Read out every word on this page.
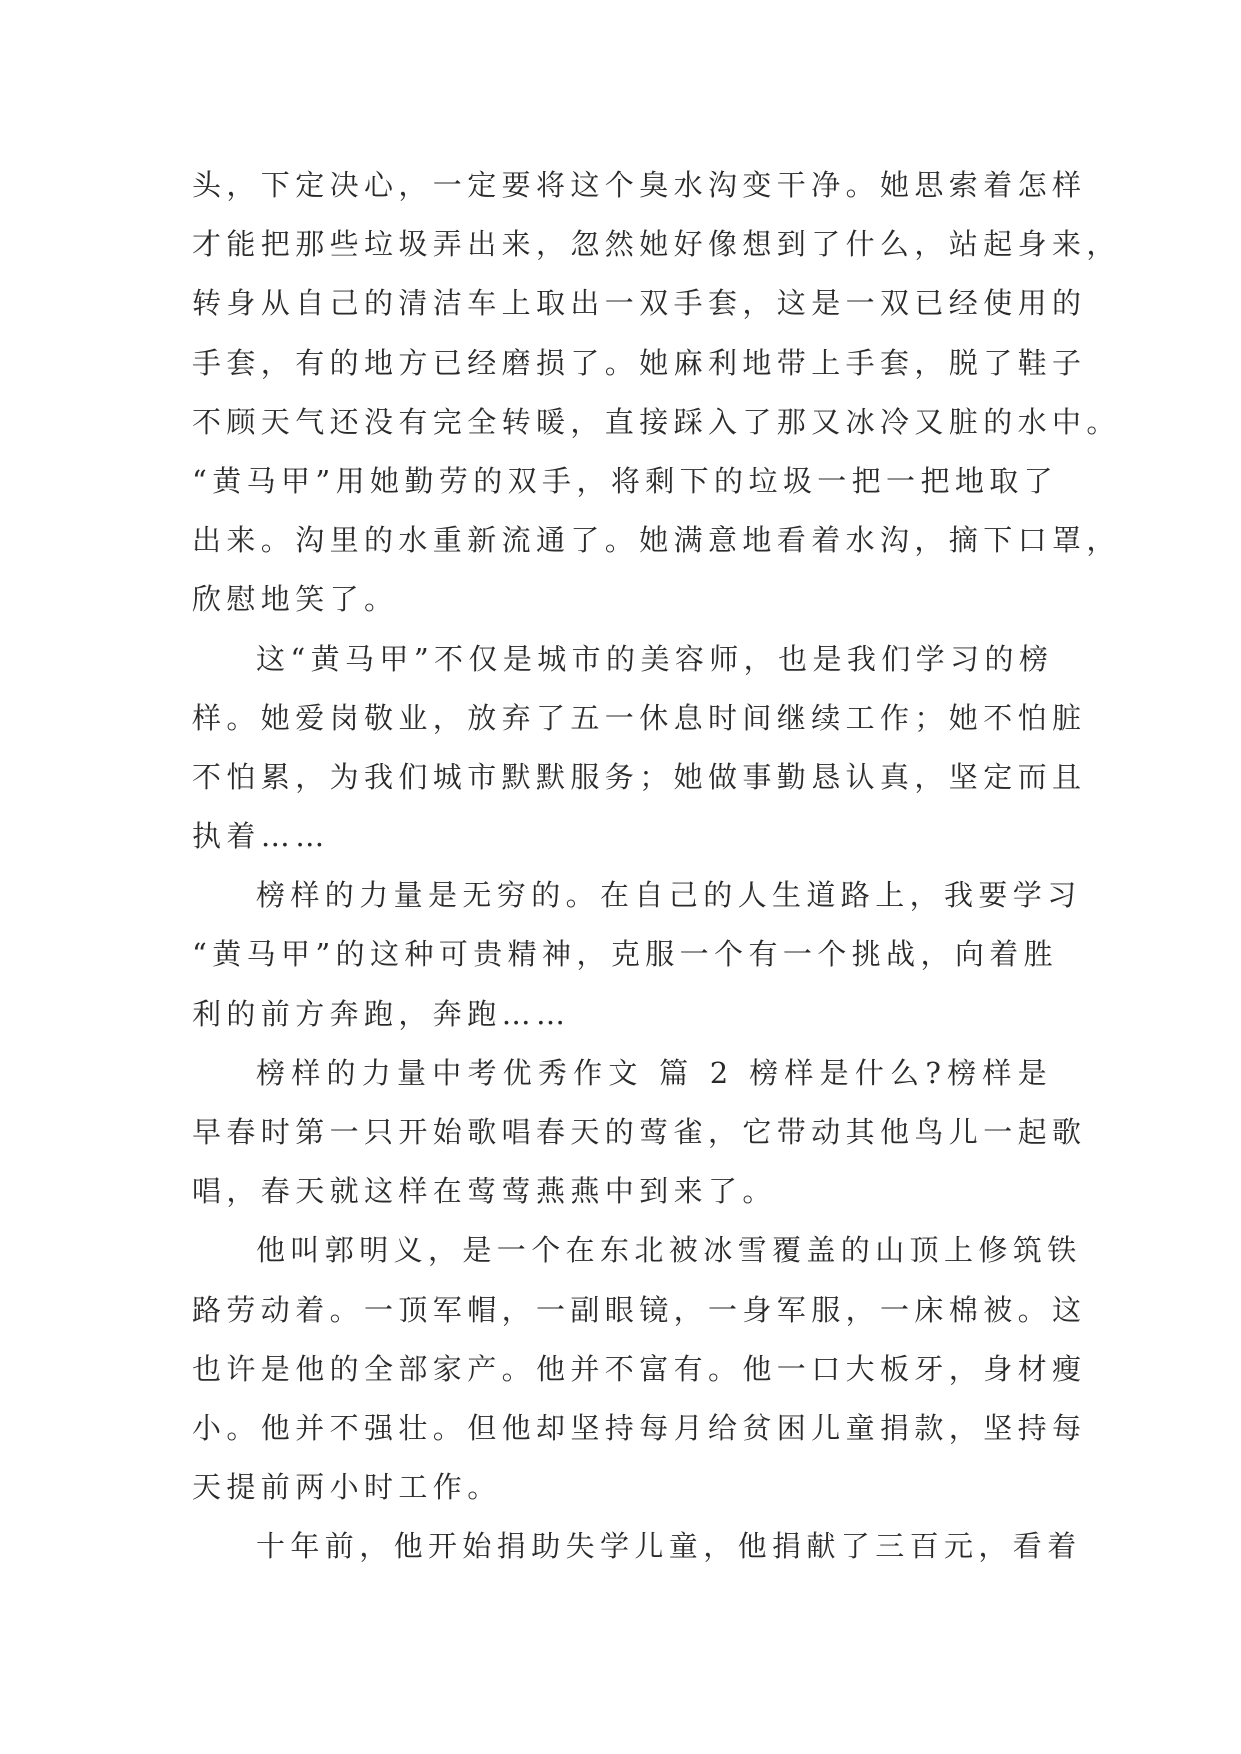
头，下定决心，一定要将这个臭水沟变干净。她思索着怎样
才能把那些垃圾弄出来，忽然她好像想到了什么，站起身来，
转身从自己的清洁车上取出一双手套，这是一双已经使用的
手套，有的地方已经磨损了。她麻利地带上手套，脱了鞋子
不顾天气还没有完全转暖，直接踩入了那又冰冷又脏的水中。
“黄马甲”用她勤劳的双手，将剩下的垃圾一把一把地取了
出来。沟里的水重新流通了。她满意地看着水沟，摘下口罩，
欣慰地笑了。
这“黄马甲”不仅是城市的美容师，也是我们学习的榜
样。她爱岗敬业，放弃了五一休息时间继续工作；她不怕脏
不怕累，为我们城市默默服务；她做事勤恳认真，坚定而且
执着……
榜样的力量是无穷的。在自己的人生道路上，我要学习
“黄马甲”的这种可贵精神，克服一个有一个挑战，向着胜
利的前方奔跑，奔跑……
榜样的力量中考优秀作文 篇 2 榜样是什么?榜样是
早春时第一只开始歌唱春天的莺雀，它带动其他鸟儿一起歌
唱，春天就这样在莺莺燕燕中到来了。
他叫郭明义，是一个在东北被冰雪覆盖的山顶上修筑铁
路劳动着。一顶军帽，一副眼镜，一身军服，一床棉被。这
也许是他的全部家产。他并不富有。他一口大板牙，身材瘦
小。他并不强壮。但他却坚持每月给贫困儿童捐款，坚持每
天提前两小时工作。
十年前，他开始捐助失学儿童，他捐献了三百元，看着
